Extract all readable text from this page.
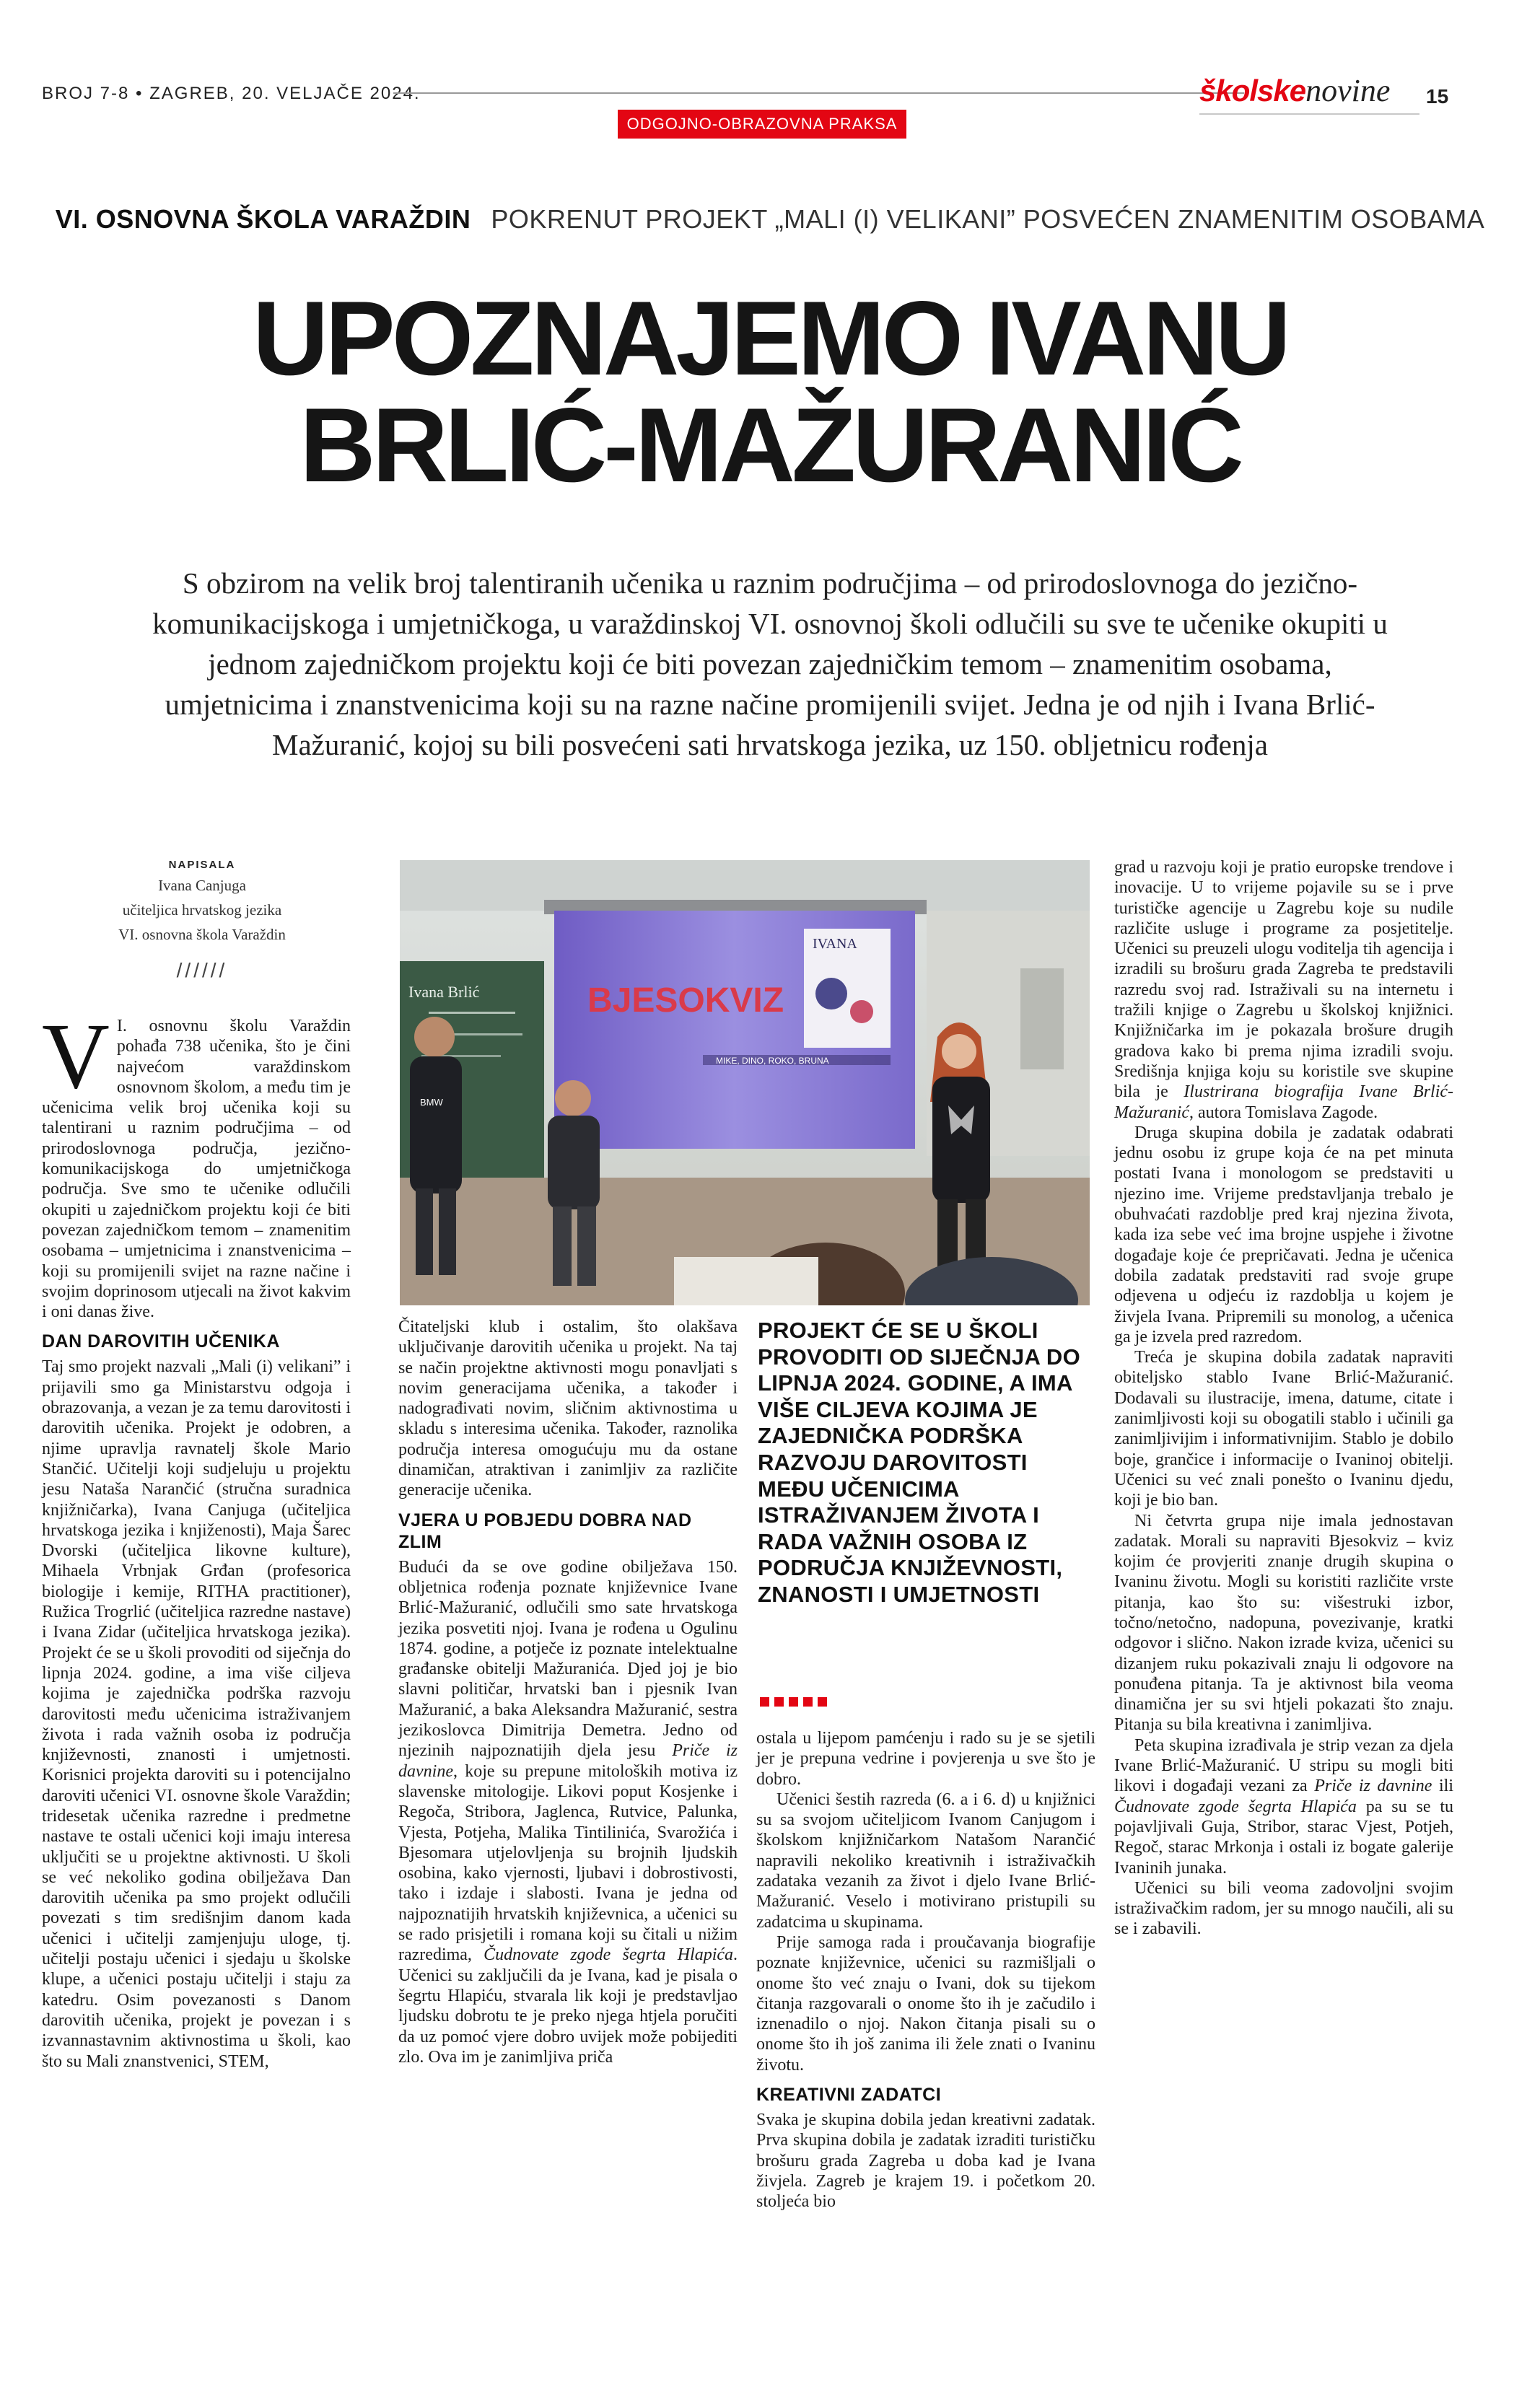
BROJ 7-8 • ZAGREB, 20. VELJAČE 2024.
ODGOJNO-OBRAZOVNA PRAKSA
školskenovine 15
VI. OSNOVNA ŠKOLA VARAŽDIN POKRENUT PROJEKT „MALI (I) VELIKANI” POSVEĆEN ZNAMENITIM OSOBAMA
UPOZNAJEMO IVANU
BRLIĆ-MAŽURANIĆ
S obzirom na velik broj talentiranih učenika u raznim područjima – od prirodoslovnoga do jezično-komunikacijskoga i umjetničkoga, u varaždinskoj VI. osnovnoj školi odlučili su sve te učenike okupiti u jednom zajedničkom projektu koji će biti povezan zajedničkim temom – znamenitim osobama, umjetnicima i znanstvenicima koji su na razne načine promijenili svijet. Jedna je od njih i Ivana Brlić-Mažuranić, kojoj su bili posvećeni sati hrvatskoga jezika, uz 150. obljetnicu rođenja
NAPISALA
Ivana Canjuga
učiteljica hrvatskog jezika
VI. osnovna škola Varaždin
//////
Ivana Brlić	BJESOKVIZ
IVANA
MIKE, DINO, ROKO, BRUNA
BMW
PROJEKT ĆE SE U ŠKOLI PROVODITI OD SIJEČNJA DO LIPNJA 2024. GODINE, A IMA VIŠE CILJEVA KOJIMA JE ZAJEDNIČKA PODRŠKA RAZVOJU DAROVITOSTI MEĐU UČENICIMA ISTRAŽIVANJEM ŽIVOTA I RADA VAŽNIH OSOBA IZ PODRUČJA KNJIŽEVNOSTI, ZNANOSTI I UMJETNOSTI

V I. osnovnu školu Varaždin pohađa 738 učenika, što je čini najvećom varaždinskom osnovnom školom, a među tim je učenicima velik broj učenika koji su talentirani u raznim područjima – od prirodoslovnoga područja, jezično-komunikacijskoga do umjetničkoga područja. Sve smo te učenike odlučili okupiti u zajedničkom projektu koji će biti povezan zajedničkom temom – znamenitim osobama – umjetnicima i znanstvenicima – koji su promijenili svijet na razne načine i svojim doprinosom utjecali na život kakvim i oni danas žive.

DAN DAROVITIH UČENIKA

Taj smo projekt nazvali „Mali (i) velikani” i prijavili smo ga Ministarstvu odgoja i obrazovanja, a vezan je za temu darovitosti i darovitih učenika. Projekt je odobren, a njime upravlja ravnatelj škole Mario Stančić. Učitelji koji sudjeluju u projektu jesu Nataša Narančić (stručna suradnica knjižničarka), Ivana Canjuga (učiteljica hrvatskoga jezika i knjiženosti), Maja Šarec Dvorski (učiteljica likovne kulture), Mihaela Vrbnjak Grđan (profesorica biologije i kemije, RITHA practitioner), Ružica Trogrlić (učiteljica razredne nastave) i Ivana Zidar (učiteljica hrvatskoga jezika). Projekt će se u školi provoditi od siječnja do lipnja 2024. godine, a ima više ciljeva kojima je zajednička podrška razvoju darovitosti među učenicima istraživanjem života i rada važnih osoba iz područja književnosti, znanosti i umjetnosti. Korisnici projekta daroviti su i potencijalno daroviti učenici VI. osnovne škole Varaždin; tridesetak učenika razredne i predmetne nastave te ostali učenici koji imaju interesa uključiti se u projektne aktivnosti. U školi se već nekoliko godina obilježava Dan darovitih učenika pa smo projekt odlučili povezati s tim središnjim danom kada učenici i učitelji zamjenjuju uloge, tj. učitelji postaju učenici i sjedaju u školske klupe, a učenici postaju učitelji i staju za katedru. Osim povezanosti s Danom darovitih učenika, projekt je povezan i s izvannastavnim aktivnostima u školi, kao što su Mali znanstvenici, STEM,

Čitateljski klub i ostalim, što olakšava uključivanje darovitih učenika u projekt. Na taj se način projektne aktivnosti mogu ponavljati s novim generacijama učenika, a također i nadograđivati novim, sličnim aktivnostima u skladu s interesima učenika. Također, raznolika područja interesa omogućuju mu da ostane dinamičan, atraktivan i zanimljiv za različite generacije učenika.

VJERA U POBJEDU DOBRA NAD ZLIM

Budući da se ove godine obilježava 150. obljetnica rođenja poznate književnice Ivane Brlić-Mažuranić, odlučili smo sate hrvatskoga jezika posvetiti njoj. Ivana je rođena u Ogulinu 1874. godine, a potječe iz poznate intelektualne građanske obitelji Mažuranića. Djed joj je bio slavni političar, hrvatski ban i pjesnik Ivan Mažuranić, a baka Aleksandra Mažuranić, sestra jezikoslovca Dimitrija Demetra. Jedno od njezinih najpoznatijih djela jesu Priče iz davnine, koje su prepune mitoloških motiva iz slavenske mitologije. Likovi poput Kosjenke i Regoča, Stribora, Jaglenca, Rutvice, Palunka, Vjesta, Potjeha, Malika Tintilinića, Svarožića i Bjesomara utjelovljenja su brojnih ljudskih osobina, kako vjernosti, ljubavi i dobrostivosti, tako i izdaje i slabosti. Ivana je jedna od najpoznatijih hrvatskih književnica, a učenici su se rado prisjetili i romana koji su čitali u nižim razredima, Čudnovate zgode šegrta Hlapića. Učenici su zaključili da je Ivana, kad je pisala o šegrtu Hlapiću, stvarala lik koji je predstavljao ljudsku dobrotu te je preko njega htjela poručiti da uz pomoć vjere dobro uvijek može pobijediti zlo. Ova im je zanimljiva priča

ostala u lijepom pamćenju i rado su je se sjetili jer je prepuna vedrine i povjerenja u sve što je dobro.

Učenici šestih razreda (6. a i 6. d) u knjižnici su sa svojom učiteljicom Ivanom Canjugom i školskom knjižničarkom Natašom Narančić napravili nekoliko kreativnih i istraživačkih zadataka vezanih za život i djelo Ivane Brlić-Mažuranić. Veselo i motivirano pristupili su zadatcima u skupinama.

Prije samoga rada i proučavanja biografije poznate književnice, učenici su razmišljali o onome što već znaju o Ivani, dok su tijekom čitanja razgovarali o onome što ih je začudilo i iznenadilo o njoj. Nakon čitanja pisali su o onome što ih još zanima ili žele znati o Ivaninu životu.

KREATIVNI ZADATCI

Svaka je skupina dobila jedan kreativni zadatak. Prva skupina dobila je zadatak izraditi turističku brošuru grada Zagreba u doba kad je Ivana živjela. Zagreb je krajem 19. i početkom 20. stoljeća bio

grad u razvoju koji je pratio europske trendove i inovacije. U to vrijeme pojavile su se i prve turističke agencije u Zagrebu koje su nudile različite usluge i programe za posjetitelje. Učenici su preuzeli ulogu voditelja tih agencija i izradili su brošuru grada Zagreba te predstavili razredu svoj rad. Istraživali su na internetu i tražili knjige o Zagrebu u školskoj knjižnici. Knjižničarka im je pokazala brošure drugih gradova kako bi prema njima izradili svoju. Središnja knjiga koju su koristile sve skupine bila je Ilustrirana biografija Ivane Brlić-Mažuranić, autora Tomislava Zagode.

Druga skupina dobila je zadatak odabrati jednu osobu iz grupe koja će na pet minuta postati Ivana i monologom se predstaviti u njezino ime. Vrijeme predstavljanja trebalo je obuhvaćati razdoblje pred kraj njezina života, kada iza sebe već ima brojne uspjehe i životne događaje koje će prepričavati. Jedna je učenica dobila zadatak predstaviti rad svoje grupe odjevena u odjeću iz razdoblja u kojem je živjela Ivana. Pripremili su monolog, a učenica ga je izvela pred razredom.

Treća je skupina dobila zadatak napraviti obiteljsko stablo Ivane Brlić-Mažuranić. Dodavali su ilustracije, imena, datume, citate i zanimljivosti koji su obogatili stablo i učinili ga zanimljivijim i informativnijim. Stablo je dobilo boje, grančice i informacije o Ivaninoj obitelji. Učenici su već znali ponešto o Ivaninu djedu, koji je bio ban.

Ni četvrta grupa nije imala jednostavan zadatak. Morali su napraviti Bjesokviz – kviz kojim će provjeriti znanje drugih skupina o Ivaninu životu. Mogli su koristiti različite vrste pitanja, kao što su: višestruki izbor, točno/netočno, nadopuna, povezivanje, kratki odgovor i slično. Nakon izrade kviza, učenici su dizanjem ruku pokazivali znaju li odgovore na ponuđena pitanja. Ta je aktivnost bila veoma dinamična jer su svi htjeli pokazati što znaju. Pitanja su bila kreativna i zanimljiva.

Peta skupina izrađivala je strip vezan za djela Ivane Brlić-Mažuranić. U stripu su mogli biti likovi i događaji vezani za Priče iz davnine ili Čudnovate zgode šegrta Hlapića pa su se tu pojavljivali Guja, Stribor, starac Vjest, Potjeh, Regoč, starac Mrkonja i ostali iz bogate galerije Ivaninih junaka.

Učenici su bili veoma zadovoljni svojim istraživačkim radom, jer su mnogo naučili, ali su se i zabavili.
